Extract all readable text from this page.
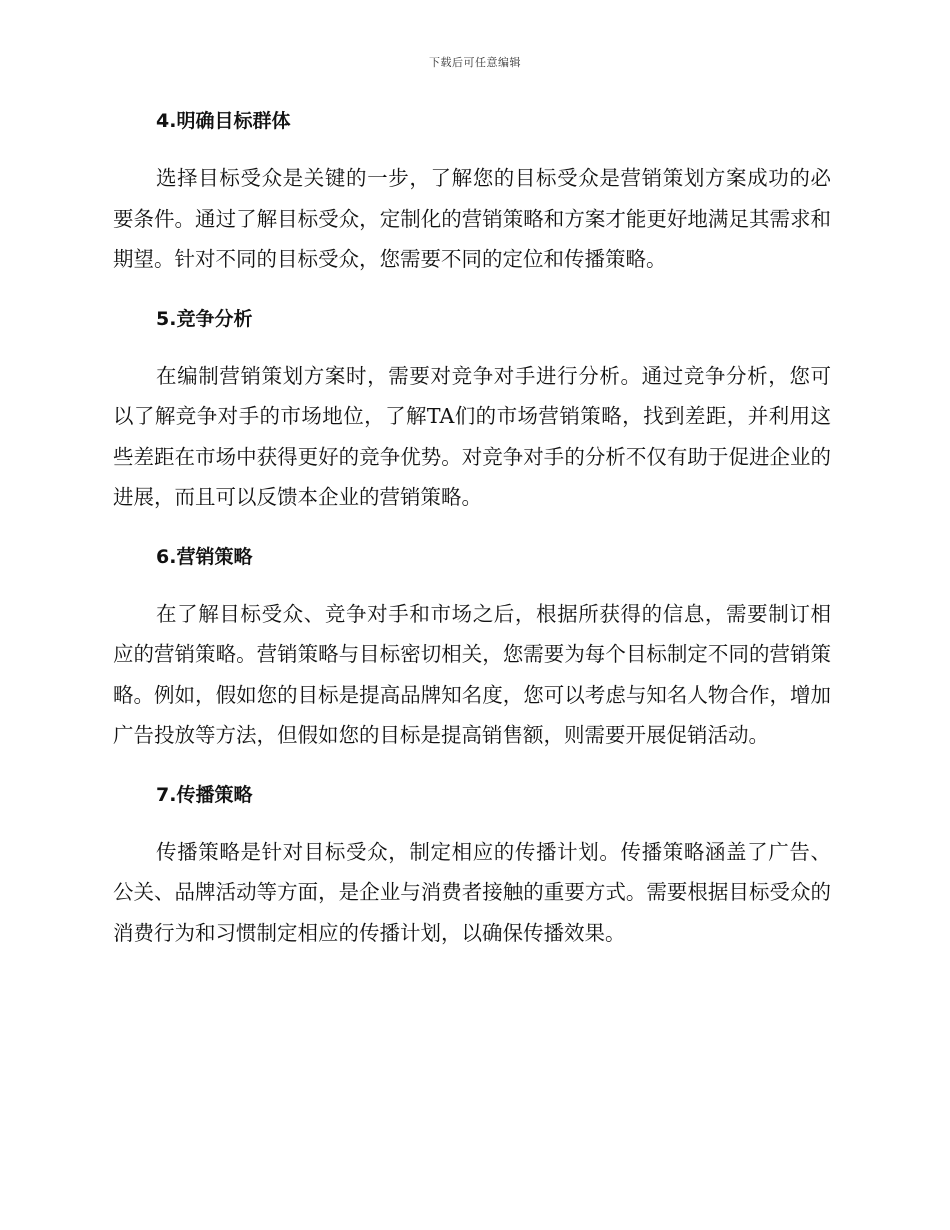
下载后可任意编辑
4.明确目标群体

选择目标受众是关键的一步，了解您的目标受众是营销策划方案成功的必要条件。通过了解目标受众，定制化的营销策略和方案才能更好地满足其需求和期望。针对不同的目标受众，您需要不同的定位和传播策略。

5.竞争分析

在编制营销策划方案时，需要对竞争对手进行分析。通过竞争分析，您可以了解竞争对手的市场地位，了解TA们的市场营销策略，找到差距，并利用这些差距在市场中获得更好的竞争优势。对竞争对手的分析不仅有助于促进企业的进展，而且可以反馈本企业的营销策略。

6.营销策略

在了解目标受众、竞争对手和市场之后，根据所获得的信息，需要制订相应的营销策略。营销策略与目标密切相关，您需要为每个目标制定不同的营销策略。例如，假如您的目标是提高品牌知名度，您可以考虑与知名人物合作，增加广告投放等方法，但假如您的目标是提高销售额，则需要开展促销活动。

7.传播策略

传播策略是针对目标受众，制定相应的传播计划。传播策略涵盖了广告、公关、品牌活动等方面，是企业与消费者接触的重要方式。需要根据目标受众的消费行为和习惯制定相应的传播计划，以确保传播效果。
